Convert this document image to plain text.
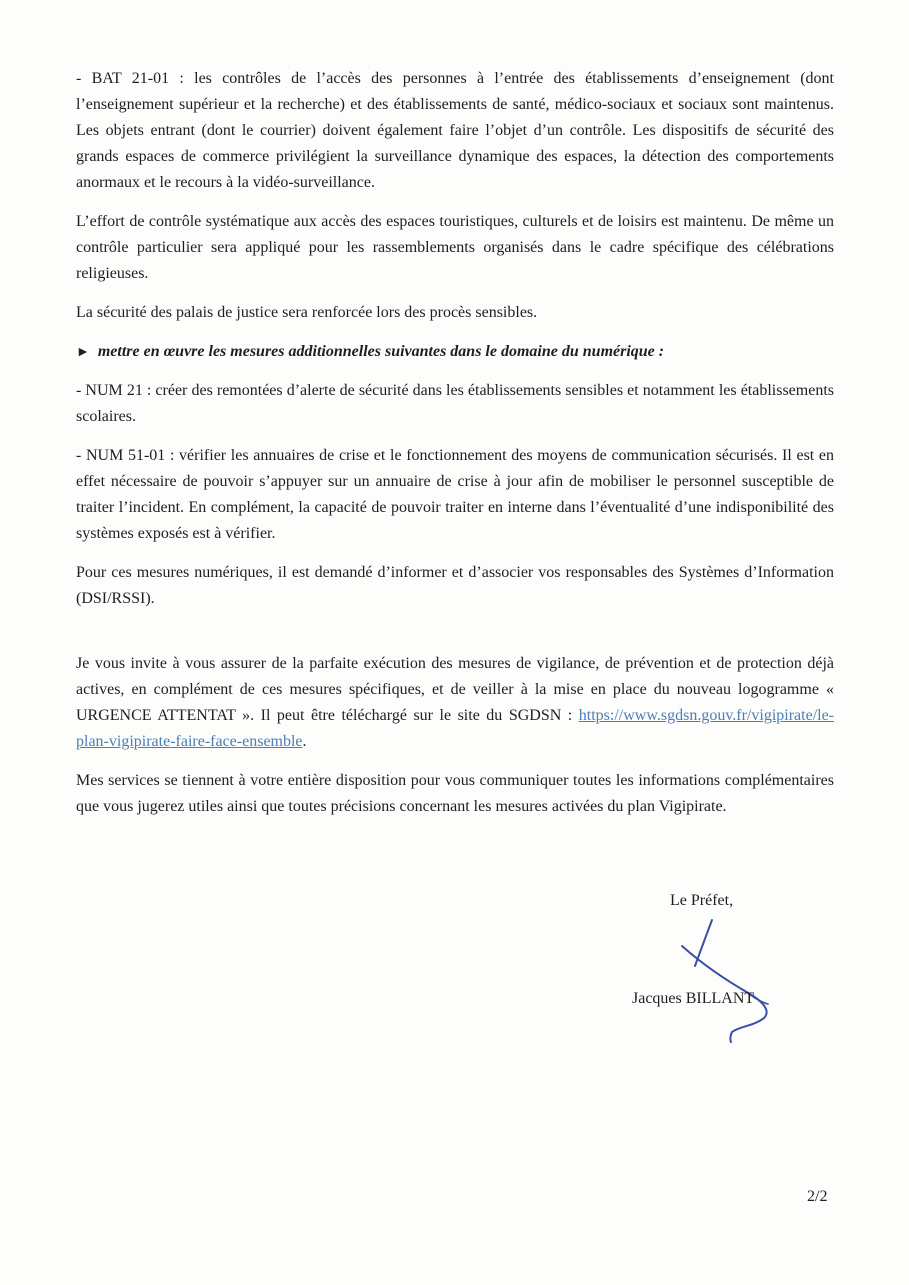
- BAT 21-01 : les contrôles de l’accès des personnes à l’entrée des établissements d’enseignement (dont l’enseignement supérieur et la recherche) et des établissements de santé, médico-sociaux et sociaux sont maintenus. Les objets entrant (dont le courrier) doivent également faire l’objet d’un contrôle. Les dispositifs de sécurité des grands espaces de commerce privilégient la surveillance dynamique des espaces, la détection des comportements anormaux et le recours à la vidéo-surveillance.

L’effort de contrôle systématique aux accès des espaces touristiques, culturels et de loisirs est maintenu. De même un contrôle particulier sera appliqué pour les rassemblements organisés dans le cadre spécifique des célébrations religieuses.

La sécurité des palais de justice sera renforcée lors des procès sensibles.

► mettre en œuvre les mesures additionnelles suivantes dans le domaine du numérique :

- NUM 21 : créer des remontées d’alerte de sécurité dans les établissements sensibles et notamment les établissements scolaires.

- NUM 51-01 : vérifier les annuaires de crise et le fonctionnement des moyens de communication sécurisés. Il est en effet nécessaire de pouvoir s’appuyer sur un annuaire de crise à jour afin de mobiliser le personnel susceptible de traiter l’incident. En complément, la capacité de pouvoir traiter en interne dans l’éventualité d’une indisponibilité des systèmes exposés est à vérifier.

Pour ces mesures numériques, il est demandé d’informer et d’associer vos responsables des Systèmes d’Information (DSI/RSSI).

Je vous invite à vous assurer de la parfaite exécution des mesures de vigilance, de prévention et de protection déjà actives, en complément de ces mesures spécifiques, et de veiller à la mise en place du nouveau logogramme « URGENCE ATTENTAT ». Il peut être téléchargé sur le site du SGDSN : https://www.sgdsn.gouv.fr/vigipirate/le-plan-vigipirate-faire-face-ensemble.

Mes services se tiennent à votre entière disposition pour vous communiquer toutes les informations complémentaires que vous jugerez utiles ainsi que toutes précisions concernant les mesures activées du plan Vigipirate.

Le Préfet,
Jacques BILLANT
2/2
